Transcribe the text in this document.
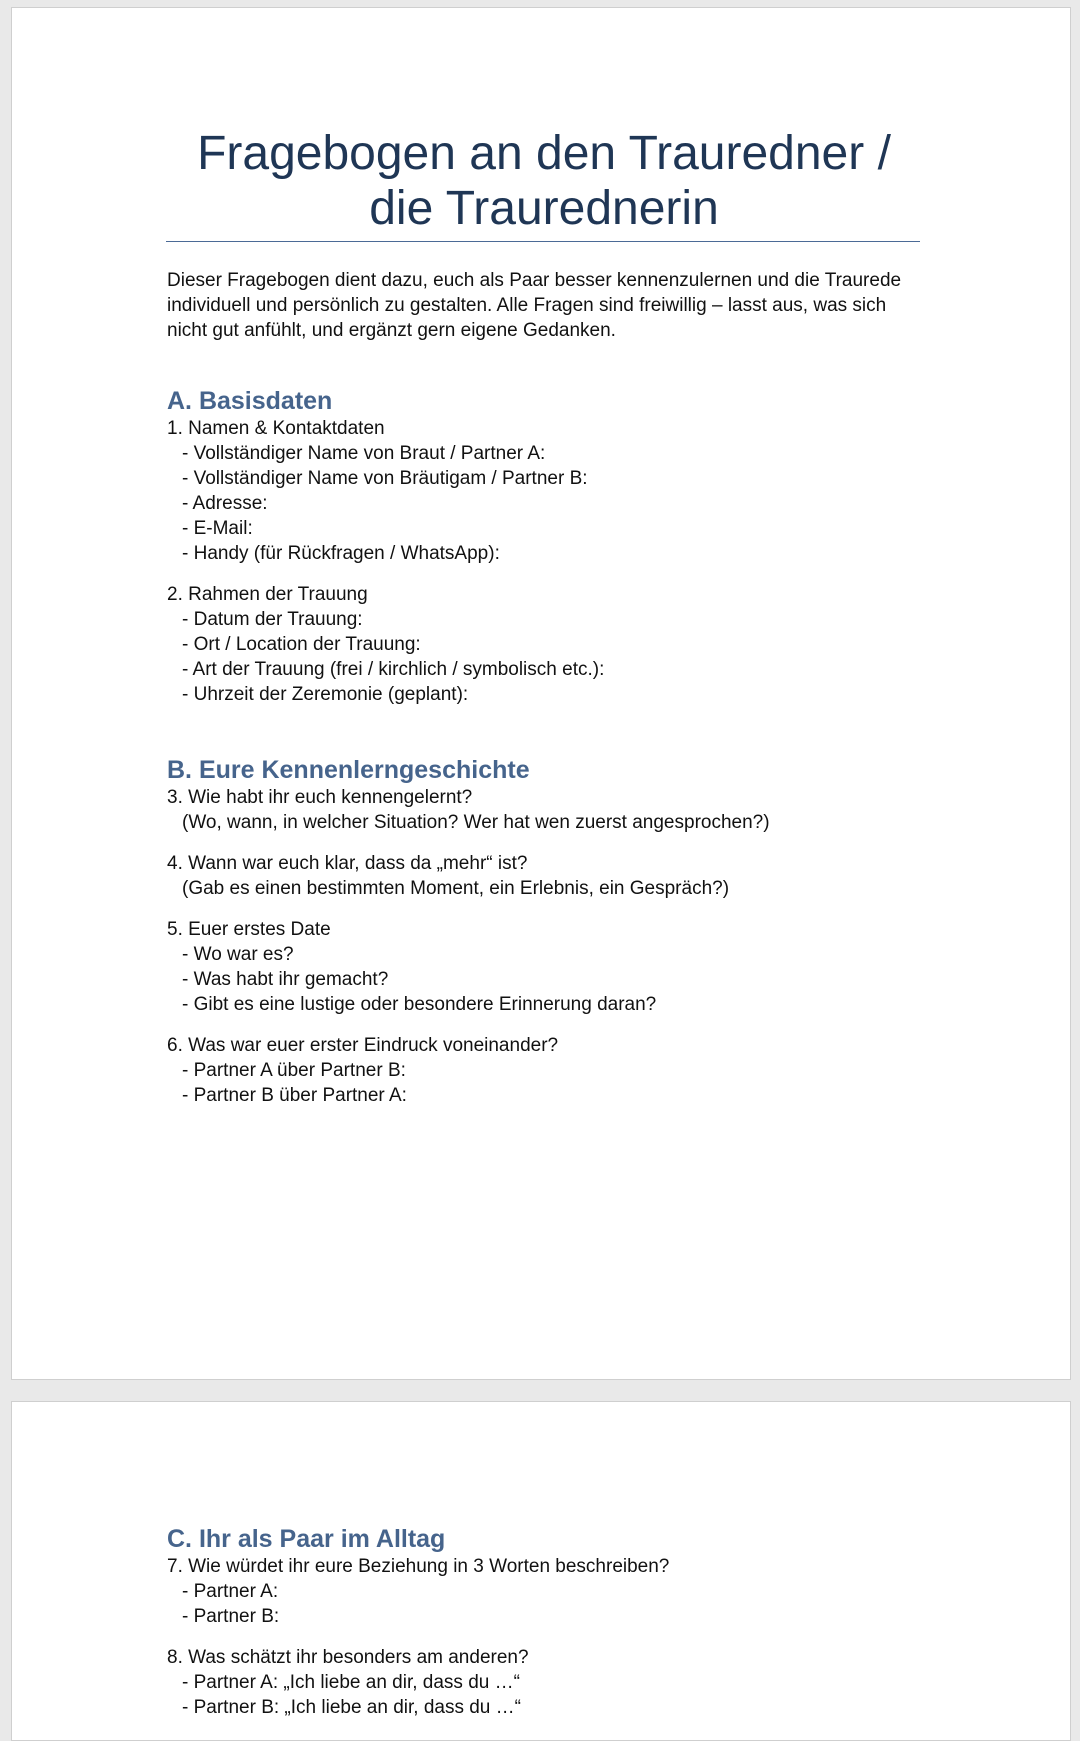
Fragebogen an den Trauredner / die Traurednerin

Dieser Fragebogen dient dazu, euch als Paar besser kennenzulernen und die Traurede individuell und persönlich zu gestalten. Alle Fragen sind freiwillig – lasst aus, was sich nicht gut anfühlt, und ergänzt gern eigene Gedanken.

A. Basisdaten
1. Namen & Kontaktdaten
- Vollständiger Name von Braut / Partner A:
- Vollständiger Name von Bräutigam / Partner B:
- Adresse:
- E-Mail:
- Handy (für Rückfragen / WhatsApp):
2. Rahmen der Trauung
- Datum der Trauung:
- Ort / Location der Trauung:
- Art der Trauung (frei / kirchlich / symbolisch etc.):
- Uhrzeit der Zeremonie (geplant):
B. Eure Kennenlerngeschichte
3. Wie habt ihr euch kennengelernt?
(Wo, wann, in welcher Situation? Wer hat wen zuerst angesprochen?)
4. Wann war euch klar, dass da „mehr“ ist?
(Gab es einen bestimmten Moment, ein Erlebnis, ein Gespräch?)
5. Euer erstes Date
- Wo war es?
- Was habt ihr gemacht?
- Gibt es eine lustige oder besondere Erinnerung daran?
6. Was war euer erster Eindruck voneinander?
- Partner A über Partner B:
- Partner B über Partner A:
C. Ihr als Paar im Alltag
7. Wie würdet ihr eure Beziehung in 3 Worten beschreiben?
- Partner A:
- Partner B:
8. Was schätzt ihr besonders am anderen?
- Partner A: „Ich liebe an dir, dass du …“
- Partner B: „Ich liebe an dir, dass du …“
